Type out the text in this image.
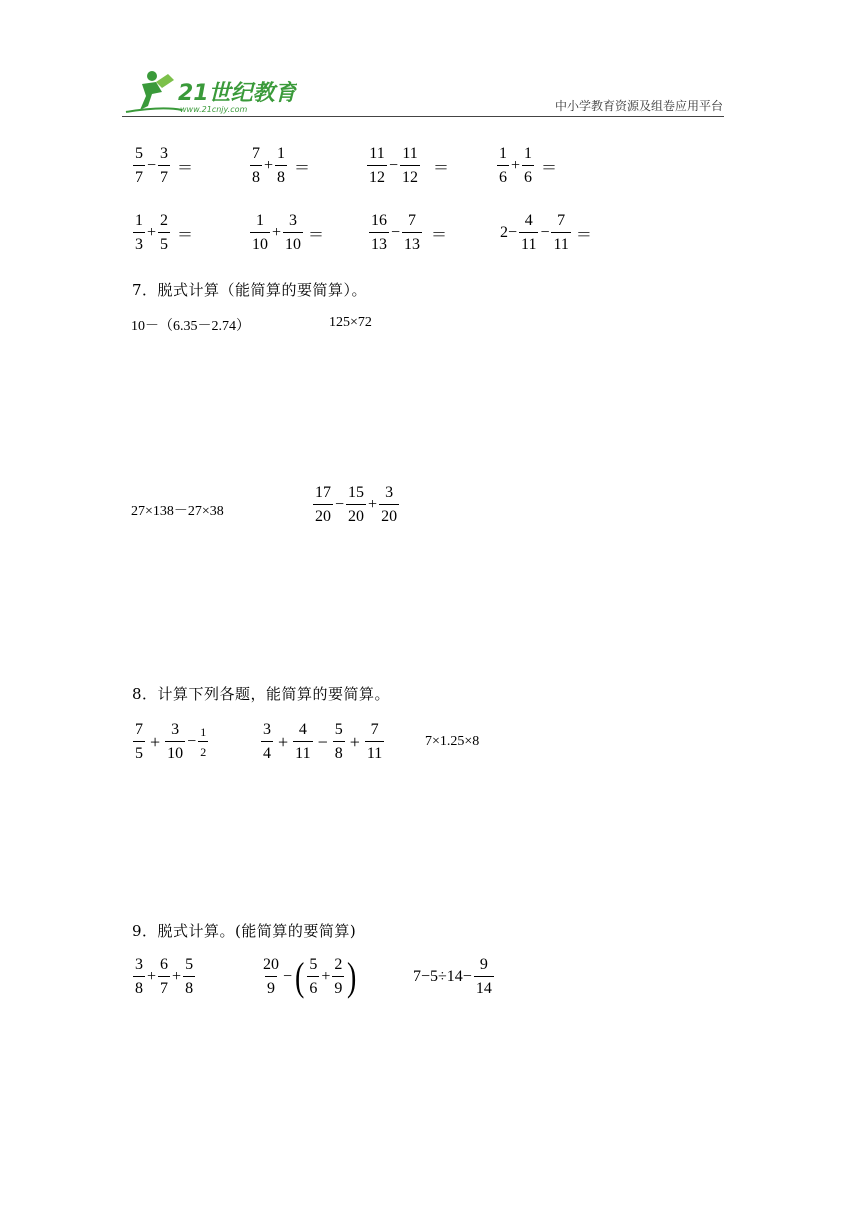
21世纪教育
www.21cnjy.com	中小学教育资源及组卷应用平台
$\frac{5}{7} - \frac{3}{7}$ ＝	$\frac{7}{8} + \frac{1}{8}$ ＝	$\frac{11}{12} - \frac{11}{12}$ ＝	$\frac{1}{6} + \frac{1}{6}$ ＝
$\frac{1}{3} + \frac{2}{5}$ ＝	$\frac{1}{10} + \frac{3}{10}$ ＝	$\frac{16}{13} - \frac{7}{13}$ ＝	$2- \frac{4}{11} - \frac{7}{11}$ ＝
7．脱式计算（能简算的要简算）。
10－（6.35－2.74）	125×72
27×138－27×38	$\frac{17}{20} - \frac{15}{20} + \frac{3}{20}$
8．计算下列各题，能简算的要简算。
$\frac{7}{5} + \frac{3}{10} - \frac{1}{2}$	$\frac{3}{4} + \frac{4}{11} - \frac{5}{8} + \frac{7}{11}$	7×1.25×8
9．脱式计算。(能简算的要简算)
$\frac{3}{8} + \frac{6}{7} + \frac{5}{8}$	$\frac{20}{9}$ − ( $\frac{5}{6} + \frac{2}{9}$ )	$7-5\div 14- \frac{9}{14}$
